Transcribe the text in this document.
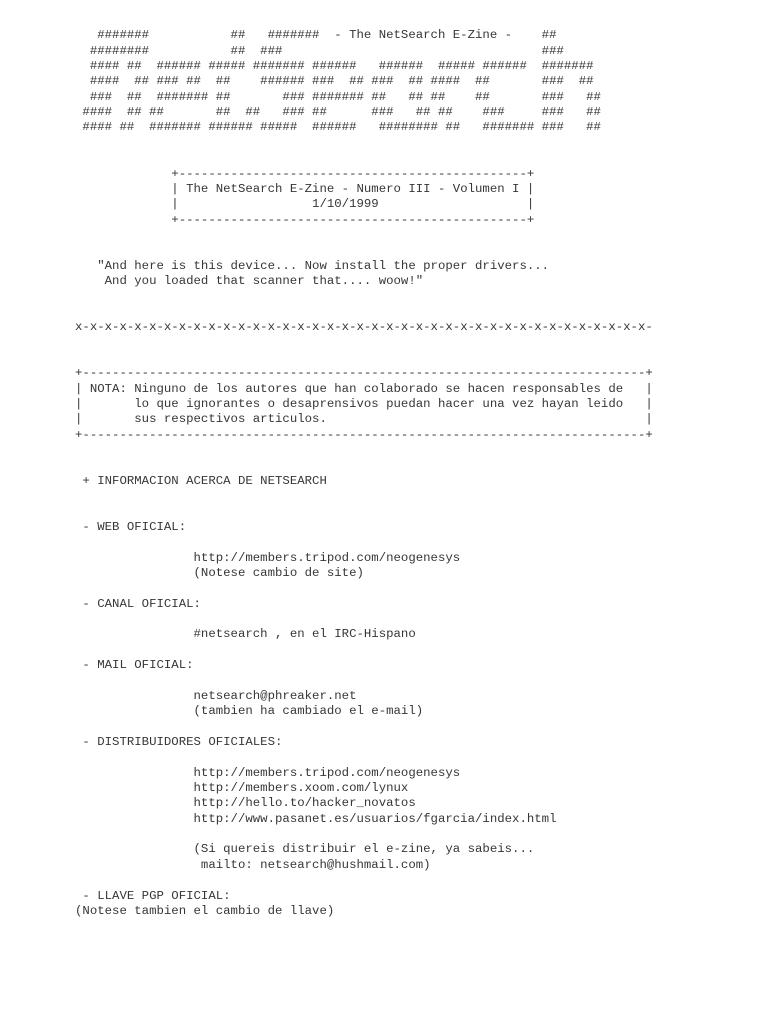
#######           ##   #######  - The NetSearch E-Zine -    ##
########           ##  ###                                   ###
#### ##  ###### ##### ####### ######   ######  ##### ######  #######
####  ## ### ##  ##    ###### ###  ## ###  ## ####  ##       ###  ##
###  ##  ####### ##       ### ####### ##   ## ##    ##       ###   ##
####  ## ##       ##  ##   ### ##      ###   ## ##    ###     ###   ##
#### ##  ####### ###### #####  ######   ######## ##   ####### ###   ##
+-----------------------------------------------+
| The NetSearch E-Zine - Numero III - Volumen I |
|                  1/10/1999                    |
+-----------------------------------------------+
"And here is this device... Now install the proper drivers...
And you loaded that scanner that.... woow!"
x-x-x-x-x-x-x-x-x-x-x-x-x-x-x-x-x-x-x-x-x-x-x-x-x-x-x-x-x-x-x-x-x-x-x-x-x-x-x-
+----------------------------------------------------------------------------+
| NOTA: Ninguno de los autores que han colaborado se hacen responsables de   |
|       lo que ignorantes o desaprensivos puedan hacer una vez hayan leido   |
|       sus respectivos articulos.                                           |
+----------------------------------------------------------------------------+
+ INFORMACION ACERCA DE NETSEARCH
- WEB OFICIAL:
http://members.tripod.com/neogenesys
(Notese cambio de site)
- CANAL OFICIAL:
#netsearch , en el IRC-Hispano
- MAIL OFICIAL:
netsearch@phreaker.net
(tambien ha cambiado el e-mail)
- DISTRIBUIDORES OFICIALES:
http://members.tripod.com/neogenesys
http://members.xoom.com/lynux
http://hello.to/hacker_novatos
http://www.pasanet.es/usuarios/fgarcia/index.html
(Si quereis distribuir el e-zine, ya sabeis...
mailto: netsearch@hushmail.com)
- LLAVE PGP OFICIAL:
(Notese tambien el cambio de llave)
